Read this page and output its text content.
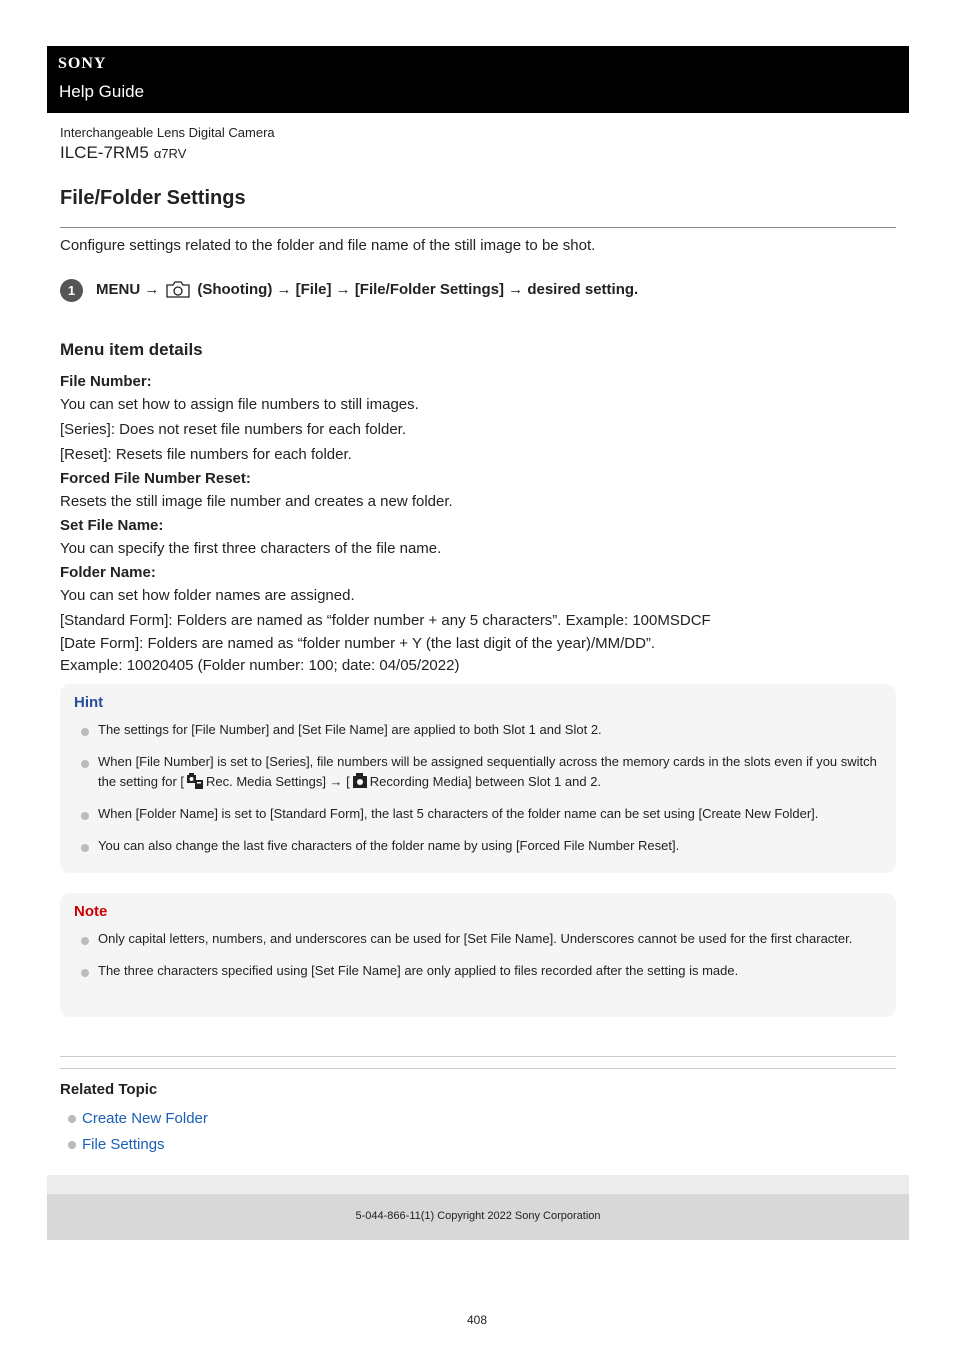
SONY
Help Guide
Interchangeable Lens Digital Camera
ILCE-7RM5 α7RV
File/Folder Settings
Configure settings related to the folder and file name of the still image to be shot.
1	MENU →	(Shooting) → [File] → [File/Folder Settings] → desired setting.
Menu item details
File Number:
You can set how to assign file numbers to still images.
[Series]: Does not reset file numbers for each folder.
[Reset]: Resets file numbers for each folder.
Forced File Number Reset:
Resets the still image file number and creates a new folder.
Set File Name:
You can specify the first three characters of the file name.
Folder Name:
You can set how folder names are assigned.
[Standard Form]: Folders are named as “folder number + any 5 characters”. Example: 100MSDCF
[Date Form]: Folders are named as “folder number + Y (the last digit of the year)/MM/DD”.
Example: 10020405 (Folder number: 100; date: 04/05/2022)
Hint
The settings for [File Number] and [Set File Name] are applied to both Slot 1 and Slot 2.
When [File Number] is set to [Series], file numbers will be assigned sequentially across the memory cards in the slots even if you switch the setting for [ Rec. Media Settings] → [ Recording Media] between Slot 1 and 2.
When [Folder Name] is set to [Standard Form], the last 5 characters of the folder name can be set using [Create New Folder].
You can also change the last five characters of the folder name by using [Forced File Number Reset].
Note
Only capital letters, numbers, and underscores can be used for [Set File Name]. Underscores cannot be used for the first character.
The three characters specified using [Set File Name] are only applied to files recorded after the setting is made.
Related Topic
Create New Folder
File Settings
5-044-866-11(1) Copyright 2022 Sony Corporation
408
